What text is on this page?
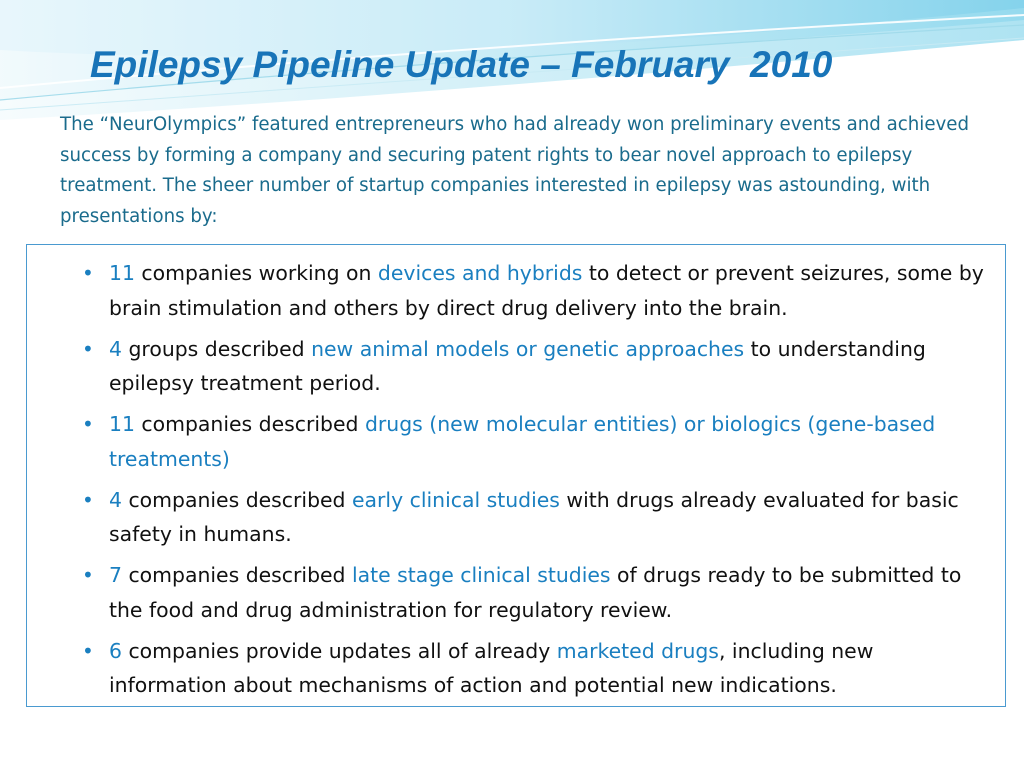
Epilepsy Pipeline Update – February  2010

The “NeurOlympics” featured entrepreneurs who had already won preliminary events and achieved success by forming a company and securing patent rights to bear novel approach to epilepsy treatment. The sheer number of startup companies interested in epilepsy was astounding, with presentations by:

• 11 companies working on devices and hybrids to detect or prevent seizures, some by brain stimulation and others by direct drug delivery into the brain.
• 4 groups described new animal models or genetic approaches to understanding epilepsy treatment period.
• 11 companies described drugs (new molecular entities) or biologics (gene-based treatments)
• 4 companies described early clinical studies with drugs already evaluated for basic safety in humans.
• 7 companies described late stage clinical studies of drugs ready to be submitted to the food and drug administration for regulatory review.
• 6 companies provide updates all of already marketed drugs, including new information about mechanisms of action and potential new indications.
